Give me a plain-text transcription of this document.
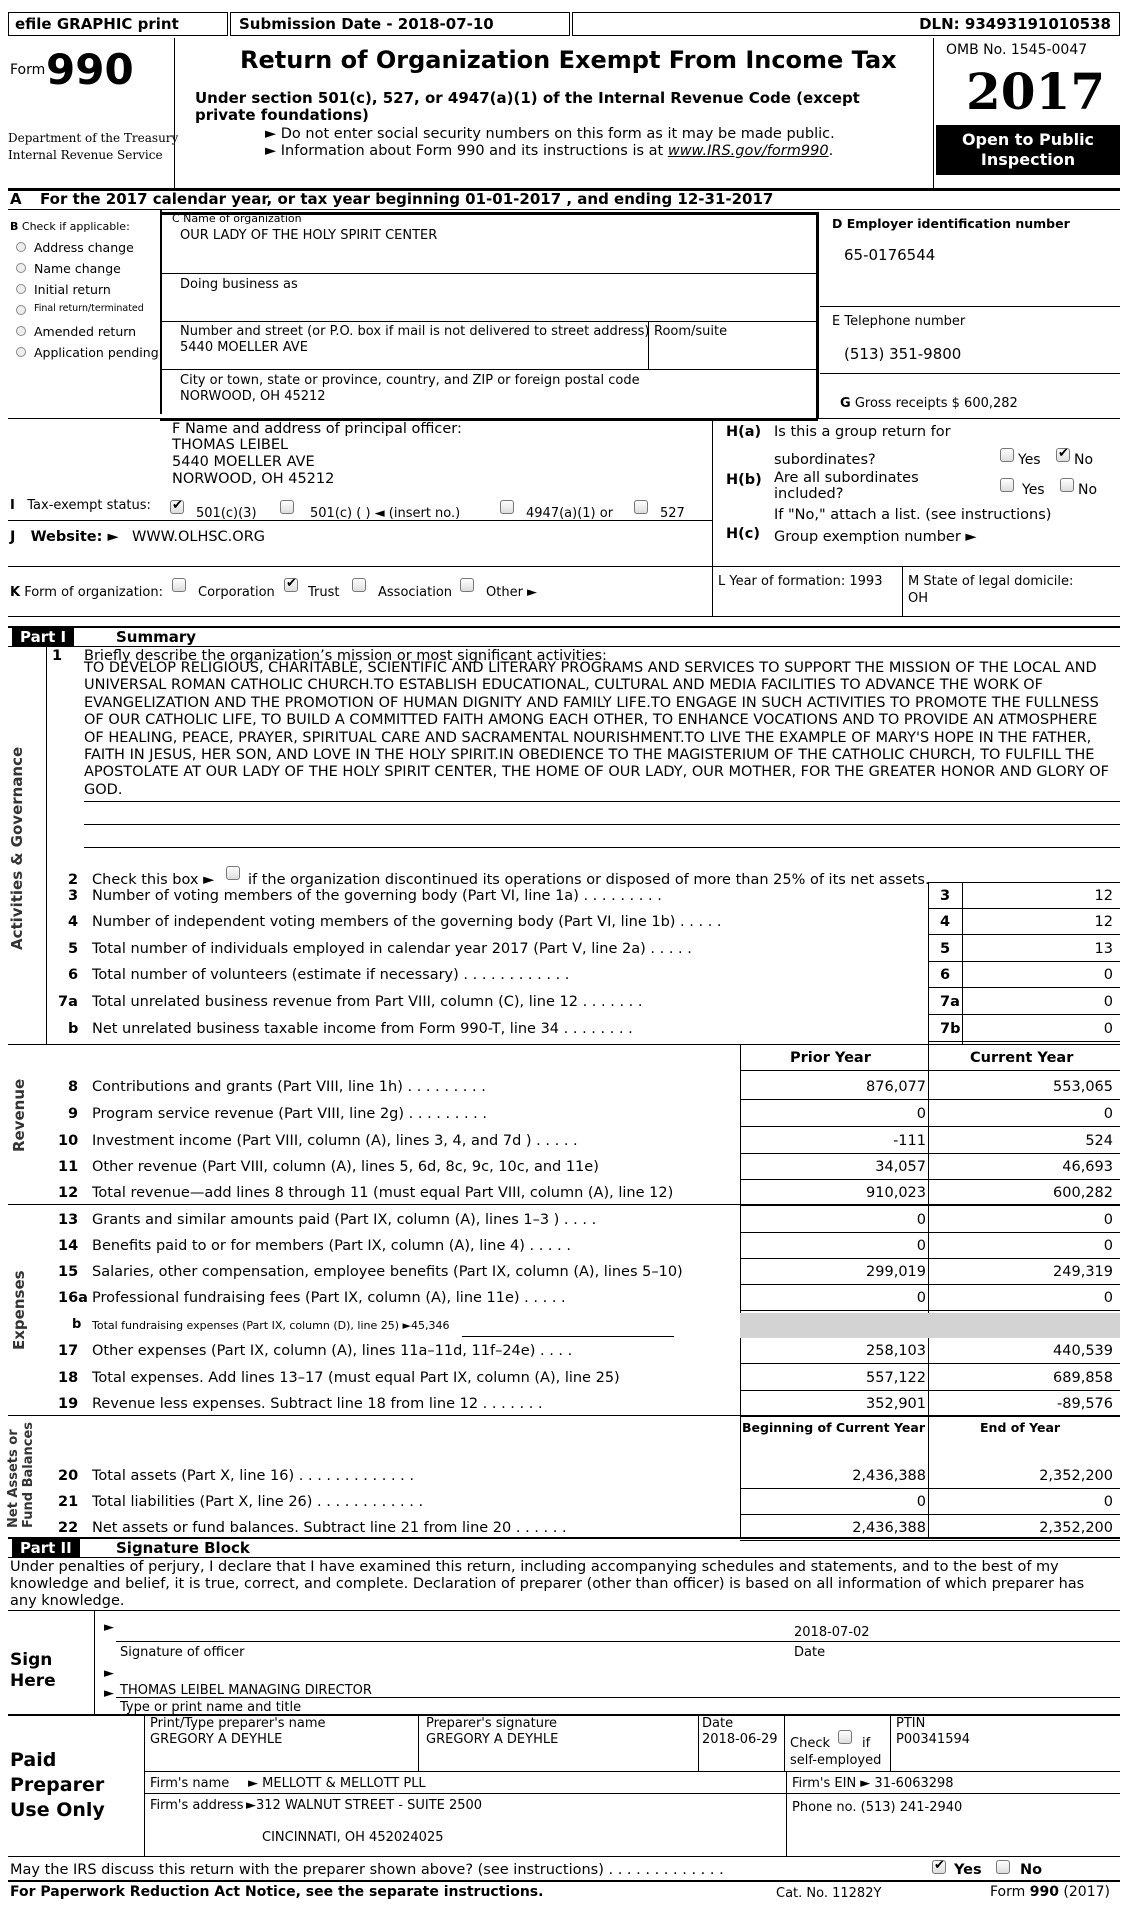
efile GRAPHIC print	Submission Date - 2018-07-10	DLN: 93493191010538
Form 990
Department of the Treasury
Internal Revenue Service
Return of Organization Exempt From Income Tax
Under section 501(c), 527, or 4947(a)(1) of the Internal Revenue Code (except private foundations)
► Do not enter social security numbers on this form as it may be made public.
► Information about Form 990 and its instructions is at www.IRS.gov/form990.
OMB No. 1545-0047
2017
Open to Public
Inspection
A For the 2017 calendar year, or tax year beginning 01-01-2017 , and ending 12-31-2017
B Check if applicable:
Address change
Name change
Initial return
Final return/terminated
Amended return
Application pending
C Name of organization
OUR LADY OF THE HOLY SPIRIT CENTER
Doing business as
Number and street (or P.O. box if mail is not delivered to street address) Room/suite
5440 MOELLER AVE
City or town, state or province, country, and ZIP or foreign postal code
NORWOOD, OH 45212
D Employer identification number
65-0176544
E Telephone number
(513) 351-9800
G Gross receipts $ 600,282
F Name and address of principal officer:
THOMAS LEIBEL
5440 MOELLER AVE
NORWOOD, OH 45212
H(a) Is this a group return for
subordinates?	Yes ✔ No
H(b) Are all subordinates
included?	Yes No
If "No," attach a list. (see instructions)
H(c) Group exemption number ►
I Tax-exempt status:
✔
501(c)(3)	501(c) ( ) ◄ (insert no.)	4947(a)(1) or	527
J Website: ► WWW.OLHSC.ORG
K Form of organization:	Corporation ✔	Trust	Association	Other ►
L Year of formation: 1993 M State of legal domicile:
OH
Part I	Summary
Activities & Governance
1 Briefly describe the organization’s mission or most significant activities:
TO DEVELOP RELIGIOUS, CHARITABLE, SCIENTIFIC AND LITERARY PROGRAMS AND SERVICES TO SUPPORT THE MISSION OF THE LOCAL AND UNIVERSAL ROMAN CATHOLIC CHURCH.TO ESTABLISH EDUCATIONAL, CULTURAL AND MEDIA FACILITIES TO ADVANCE THE WORK OF EVANGELIZATION AND THE PROMOTION OF HUMAN DIGNITY AND FAMILY LIFE.TO ENGAGE IN SUCH ACTIVITIES TO PROMOTE THE FULLNESS OF OUR CATHOLIC LIFE, TO BUILD A COMMITTED FAITH AMONG EACH OTHER, TO ENHANCE VOCATIONS AND TO PROVIDE AN ATMOSPHERE OF HEALING, PEACE, PRAYER, SPIRITUAL CARE AND SACRAMENTAL NOURISHMENT.TO LIVE THE EXAMPLE OF MARY'S HOPE IN THE FATHER, FAITH IN JESUS, HER SON, AND LOVE IN THE HOLY SPIRIT.IN OBEDIENCE TO THE MAGISTERIUM OF THE CATHOLIC CHURCH, TO FULFILL THE APOSTOLATE AT OUR LADY OF THE HOLY SPIRIT CENTER, THE HOME OF OUR LADY, OUR MOTHER, FOR THE GREATER HONOR AND GLORY OF GOD.
2 Check this box ► if the organization discontinued its operations or disposed of more than 25% of its net assets.
3 Number of voting members of the governing body (Part VI, line 1a) . . . . . . . . .	3	12
4 Number of independent voting members of the governing body (Part VI, line 1b) . . . . .	4	12
5 Total number of individuals employed in calendar year 2017 (Part V, line 2a) . . . . .	5	13
6 Total number of volunteers (estimate if necessary) . . . . . . . . . . . .	6	0
7a Total unrelated business revenue from Part VIII, column (C), line 12 . . . . . . .	7a	0
b Net unrelated business taxable income from Form 990-T, line 34 . . . . . . . .	7b	0
Prior Year	Current Year
Revenue	8 Contributions and grants (Part VIII, line 1h) . . . . . . . . .	876,077	553,065
9 Program service revenue (Part VIII, line 2g) . . . . . . . . .	0	0
10 Investment income (Part VIII, column (A), lines 3, 4, and 7d ) . . . . .	-111	524
11 Other revenue (Part VIII, column (A), lines 5, 6d, 8c, 9c, 10c, and 11e)	34,057	46,693
12 Total revenue—add lines 8 through 11 (must equal Part VIII, column (A), line 12)	910,023	600,282
Expenses
13 Grants and similar amounts paid (Part IX, column (A), lines 1–3 ) . . . .	0	0
14 Benefits paid to or for members (Part IX, column (A), line 4) . . . . .	0	0
15 Salaries, other compensation, employee benefits (Part IX, column (A), lines 5–10)	299,019	249,319
16a Professional fundraising fees (Part IX, column (A), line 11e) . . . . .	0	0
b Total fundraising expenses (Part IX, column (D), line 25) ►45,346
17 Other expenses (Part IX, column (A), lines 11a–11d, 11f–24e) . . . .	258,103	440,539
18 Total expenses. Add lines 13–17 (must equal Part IX, column (A), line 25)	557,122	689,858
19 Revenue less expenses. Subtract line 18 from line 12 . . . . . . .	352,901	-89,576
Beginning of Current Year	End of Year
Net Assets or Fund Balances 20 Total assets (Part X, line 16) . . . . . . . . . . . . .	2,436,388	2,352,200
21 Total liabilities (Part X, line 26) . . . . . . . . . . . .	0	0
22 Net assets or fund balances. Subtract line 21 from line 20 . . . . . .	2,436,388	2,352,200
Part II	Signature Block
Under penalties of perjury, I declare that I have examined this return, including accompanying schedules and statements, and to the best of my knowledge and belief, it is true, correct, and complete. Declaration of preparer (other than officer) is based on all information of which preparer has any knowledge.
Sign
Here
►
►
►
2018-07-02
Signature of officer	Date
THOMAS LEIBEL MANAGING DIRECTOR
Type or print name and title
Paid
Preparer
Use Only
Print/Type preparer's name
GREGORY A DEYHLE
Preparer's signature
GREGORY A DEYHLE
Date
2018-06-29 Check if
self-employed
PTIN
P00341594
Firm's name ► MELLOTT & MELLOTT PLL	Firm's EIN ► 31-6063298
Firm's address ►312 WALNUT STREET - SUITE 2500
CINCINNATI, OH 452024025
Phone no. (513) 241-2940
May the IRS discuss this return with the preparer shown above? (see instructions) . . . . . . . . . . . . . ✔	Yes	No
For Paperwork Reduction Act Notice, see the separate instructions.	Cat. No. 11282Y	Form 990 (2017)
